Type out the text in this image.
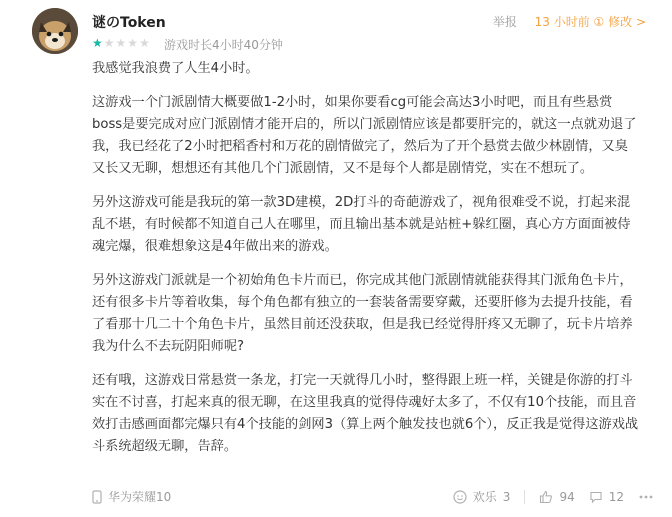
谜のToken
★★★★★ 游戏时长4小时40分钟
举报 13 小时前 ① 修改 >

我感觉我浪费了人生4小时。

这游戏一个门派剧情大概要做1-2小时，如果你要看cg可能会高达3小时吧，而且有些悬赏boss是要完成对应门派剧情才能开启的，所以门派剧情应该是都要肝完的，就这一点就劝退了我，我已经花了2小时把稻香村和万花的剧情做完了，然后为了开个悬赏去做少林剧情，又臭又长又无聊，想想还有其他几个门派剧情，又不是每个人都是剧情党，实在不想玩了。

另外这游戏可能是我玩的第一款3D建模，2D打斗的奇葩游戏了，视角很难受不说，打起来混乱不堪，有时候都不知道自己人在哪里，而且输出基本就是站桩+躲红圈，真心方方面面被侍魂完爆，很难想象这是4年做出来的游戏。

另外这游戏门派就是一个初始角色卡片而已，你完成其他门派剧情就能获得其门派角色卡片，还有很多卡片等着收集，每个角色都有独立的一套装备需要穿戴，还要肝修为去提升技能，看了看那十几二十个角色卡片，虽然目前还没获取，但是我已经觉得肝疼又无聊了，玩卡片培养我为什么不去玩阴阳师呢?

还有哦，这游戏日常悬赏一条龙，打完一天就得几小时，整得跟上班一样，关键是你游的打斗实在不讨喜，打起来真的很无聊，在这里我真的觉得侍魂好太多了，不仅有10个技能，而且音效打击感画面都完爆只有4个技能的剑网3（算上两个触发技也就6个），反正我是觉得这游戏战斗系统超级无聊，告辞。

华为荣耀10	欢乐 3	94	12
